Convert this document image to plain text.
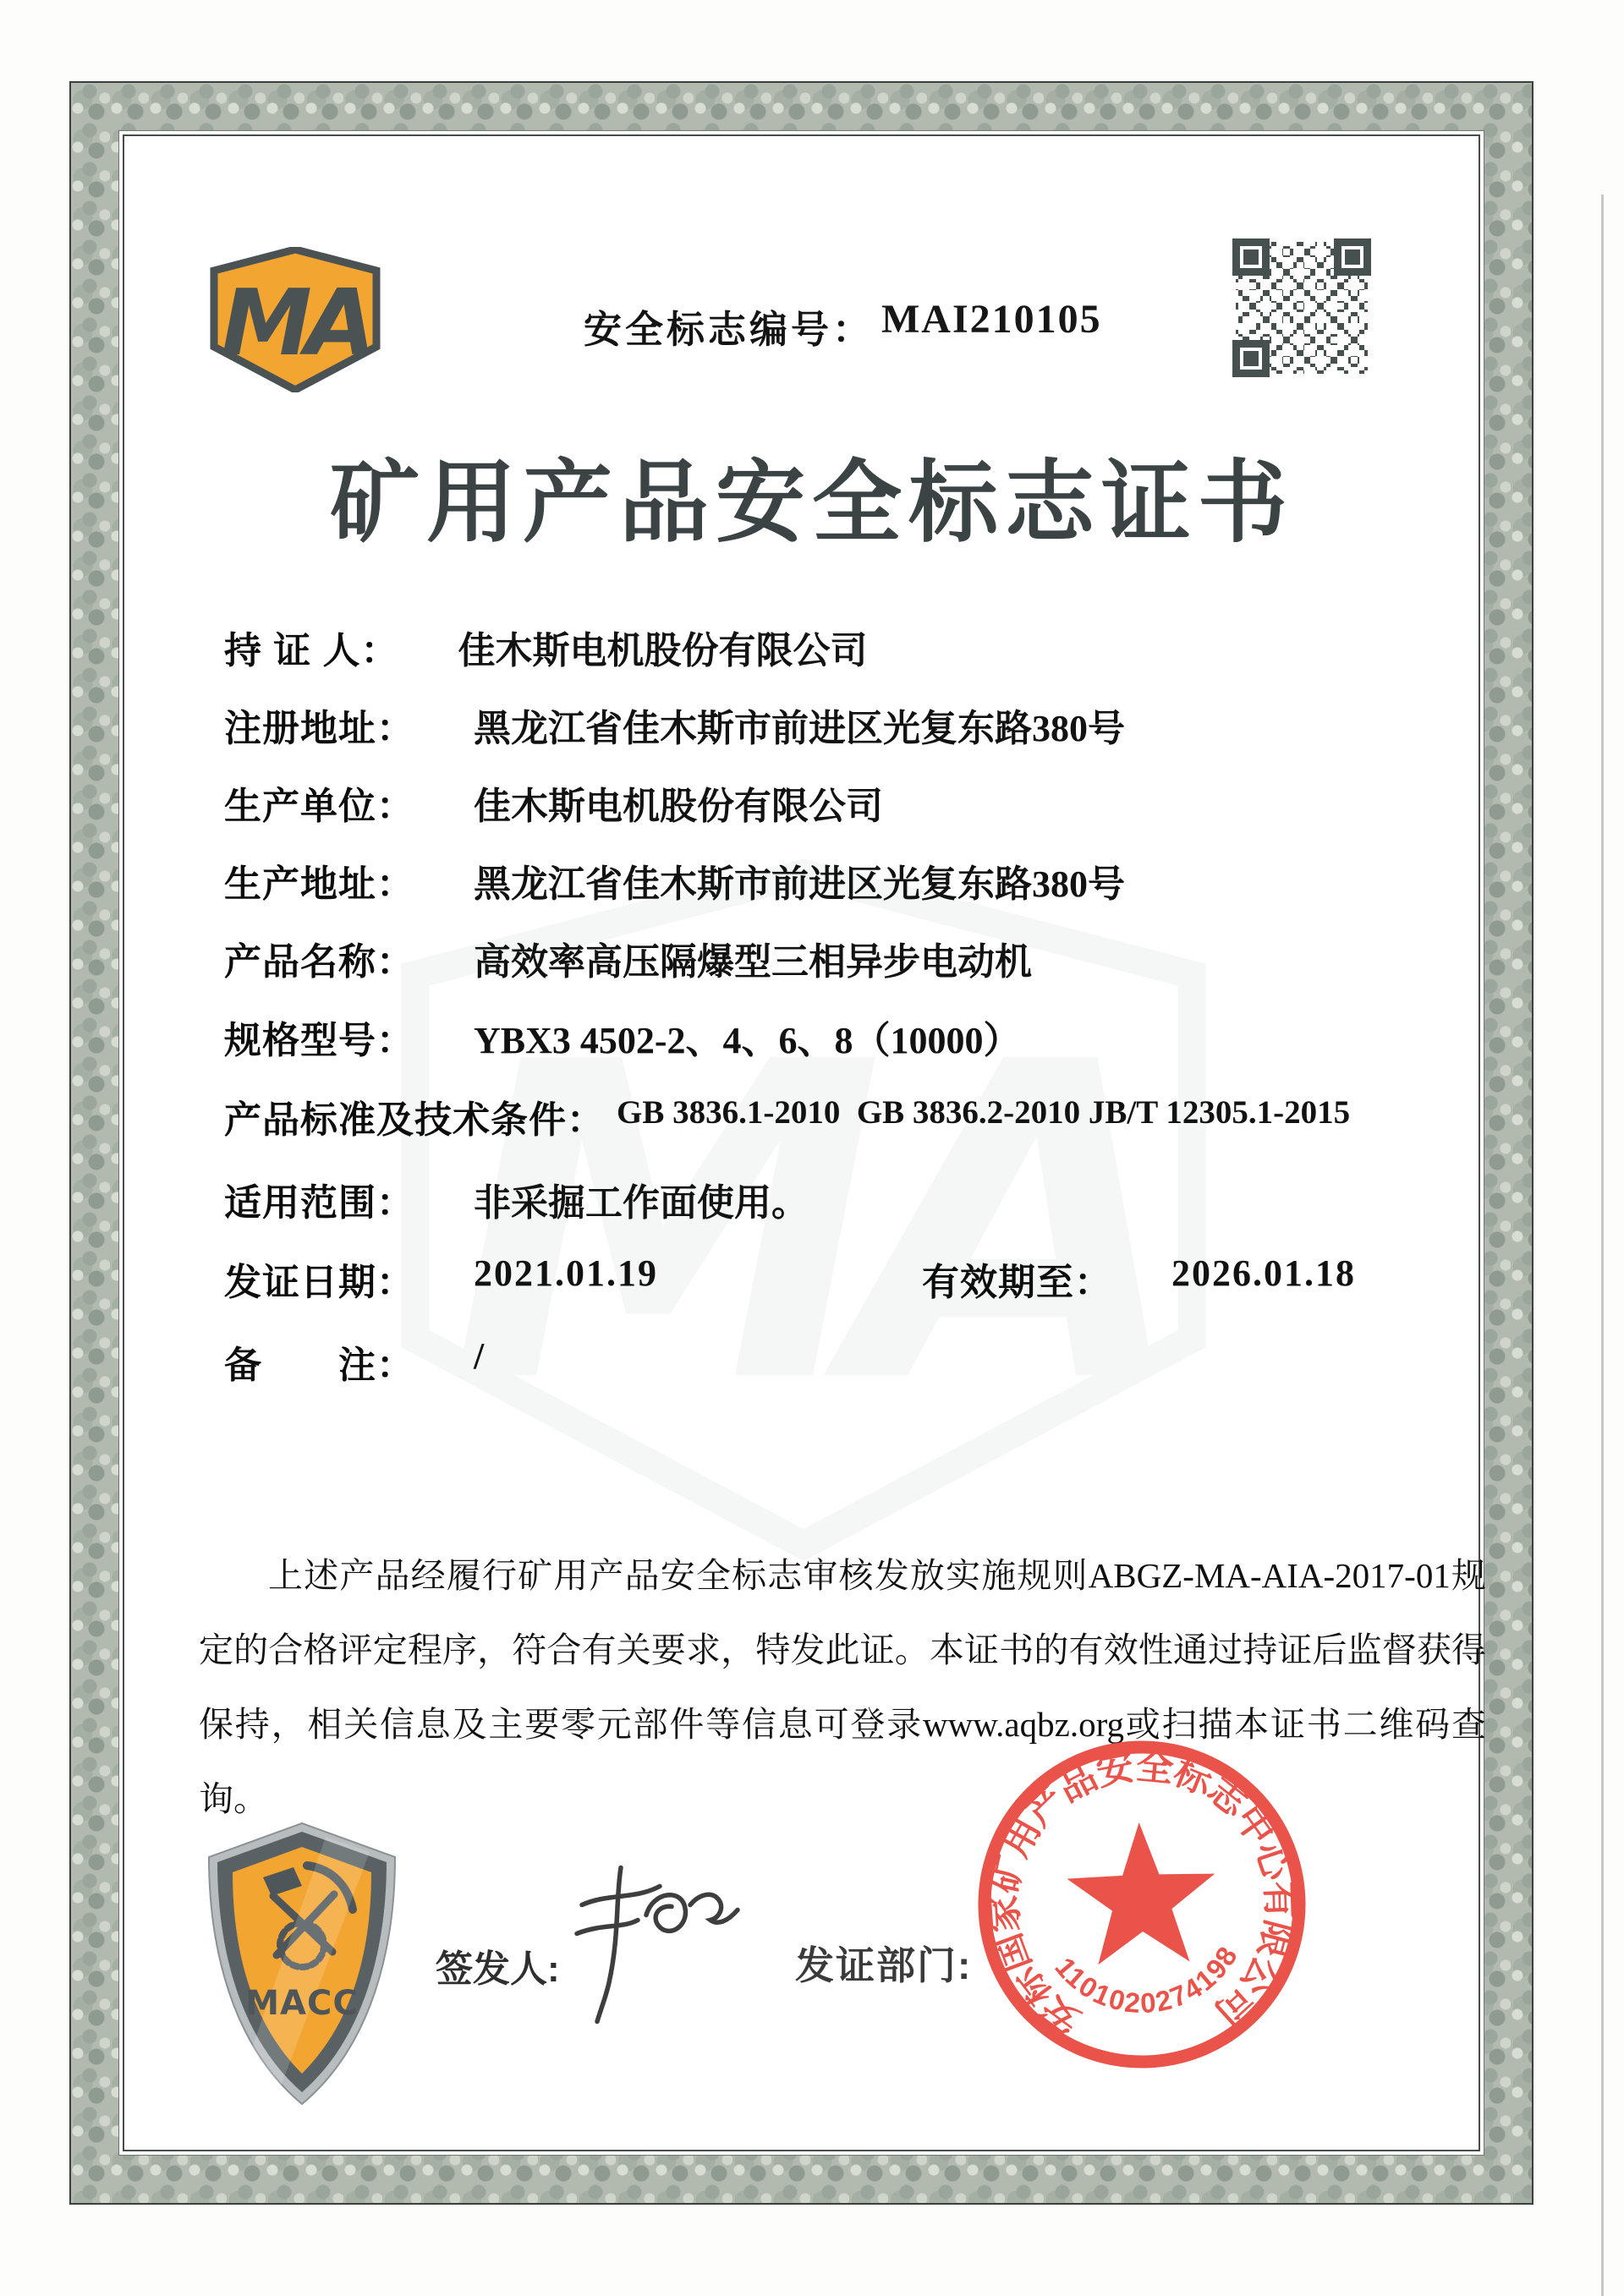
MA	安全标志编号： MAI210105
矿用产品安全标志证书
持 证 人： 佳木斯电机股份有限公司
注册地址： 黑龙江省佳木斯市前进区光复东路380号
生产单位： 佳木斯电机股份有限公司
生产地址： 黑龙江省佳木斯市前进区光复东路380号
产品名称： 高效率高压隔爆型三相异步电动机
规格型号： YBX3 4502-2、4、6、8（10000）
产品标准及技术条件： GB 3836.1-2010  GB 3836.2-2010 JB/T 12305.1-2015
适用范围： 非采掘工作面使用。
发证日期： 2021.01.19	有效期至： 2026.01.18
备　　注： /

上述产品经履行矿用产品安全标志审核发放实施规则ABGZ-MA-AIA-2017-01规定的合格评定程序，符合有关要求，特发此证。本证书的有效性通过持证后监督获得保持，相关信息及主要零元部件等信息可登录www.aqbz.org或扫描本证书二维码查询。

MACC
签发人:	发证部门:
安标国家矿用产品安全标志中心有限公司
1101020274198
